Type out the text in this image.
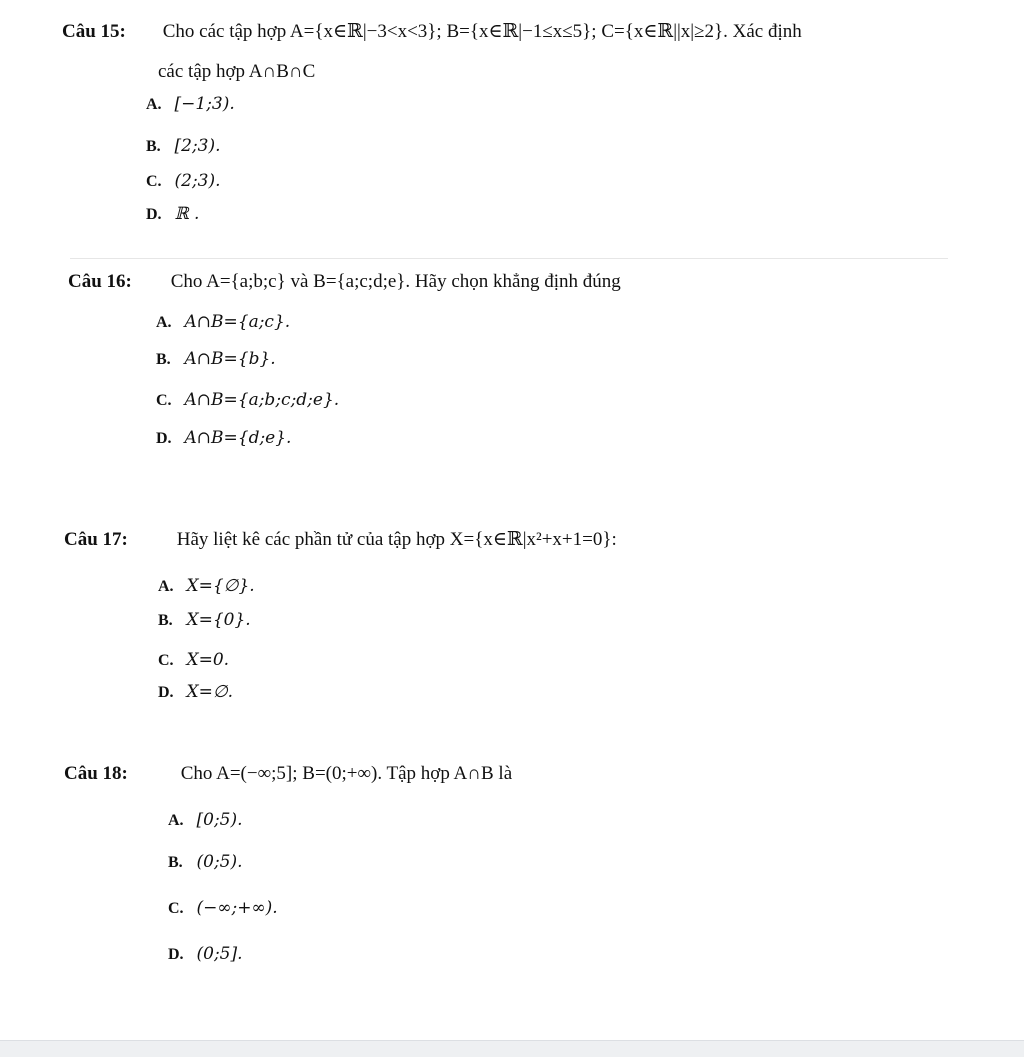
Câu 15: Cho các tập hợp A={x∈ℝ|−3<x<3}; B={x∈ℝ|−1≤x≤5}; C={x∈ℝ||x|≥2}. Xác định
các tập hợp A∩B∩C
A. [−1;3).
B. [2;3).
C. (2;3).
D. ℝ .
Câu 16: Cho A={a;b;c} và B={a;c;d;e}. Hãy chọn khẳng định đúng
A. A∩B={a;c}.
B. A∩B={b}.
C. A∩B={a;b;c;d;e}.
D. A∩B={d;e}.
Câu 17:	Hãy liệt kê các phần tử của tập hợp X={x∈ℝ|x²+x+1=0}:
A. X={∅}.
B. X={0}.
C. X=0.
D. X=∅.
Câu 18:	Cho A=(−∞;5]; B=(0;+∞). Tập hợp A∩B là
A. [0;5).
B. (0;5).
C. (−∞;+∞).
D. (0;5].
